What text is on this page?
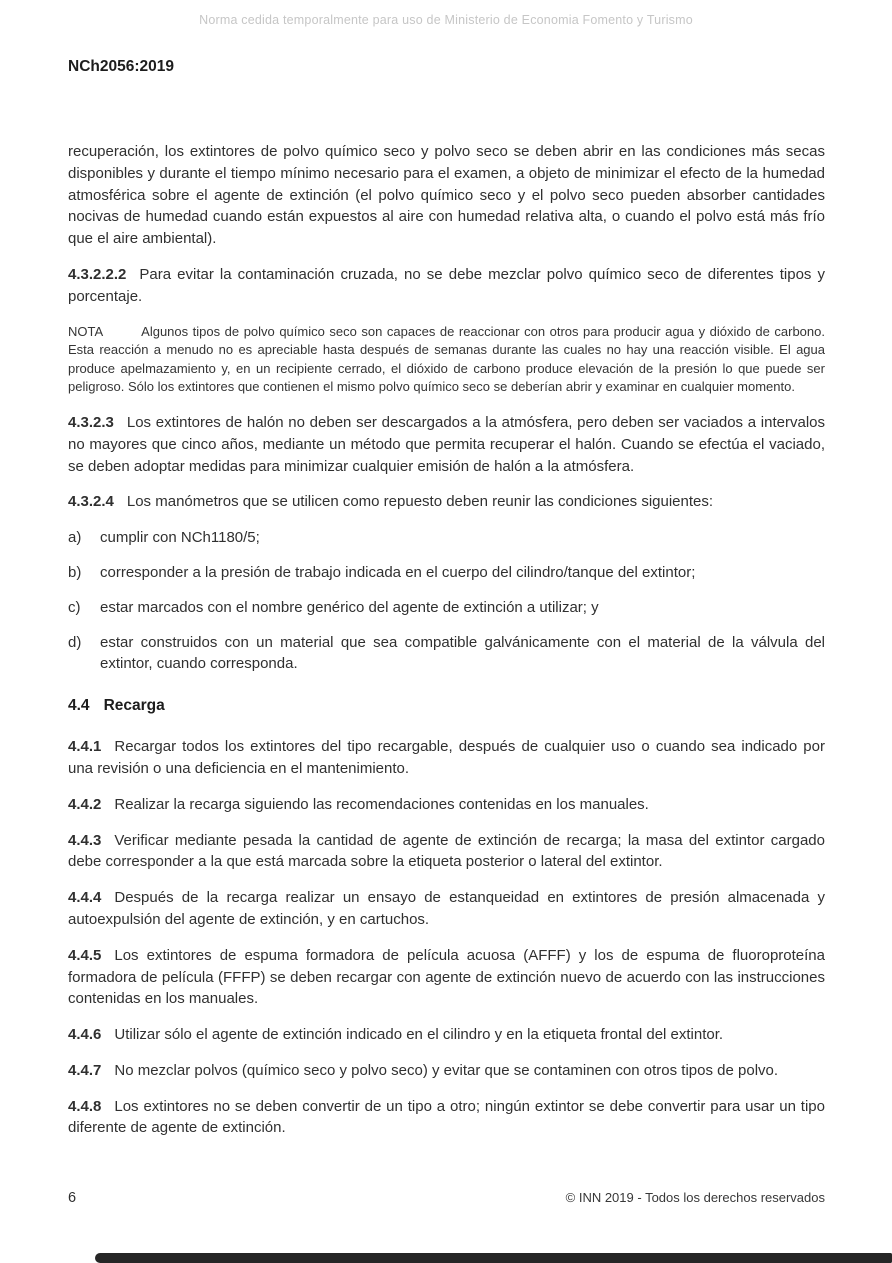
Norma cedida temporalmente para uso de Ministerio de Economia Fomento y Turismo
NCh2056:2019

recuperación, los extintores de polvo químico seco y polvo seco se deben abrir en las condiciones más secas disponibles y durante el tiempo mínimo necesario para el examen, a objeto de minimizar el efecto de la humedad atmosférica sobre el agente de extinción (el polvo químico seco y el polvo seco pueden absorber cantidades nocivas de humedad cuando están expuestos al aire con humedad relativa alta, o cuando el polvo está más frío que el aire ambiental).

4.3.2.2.2 Para evitar la contaminación cruzada, no se debe mezclar polvo químico seco de diferentes tipos y porcentaje.

NOTA	Algunos tipos de polvo químico seco son capaces de reaccionar con otros para producir agua y dióxido de carbono. Esta reacción a menudo no es apreciable hasta después de semanas durante las cuales no hay una reacción visible. El agua produce apelmazamiento y, en un recipiente cerrado, el dióxido de carbono produce elevación de la presión lo que puede ser peligroso. Sólo los extintores que contienen el mismo polvo químico seco se deberían abrir y examinar en cualquier momento.

4.3.2.3 Los extintores de halón no deben ser descargados a la atmósfera, pero deben ser vaciados a intervalos no mayores que cinco años, mediante un método que permita recuperar el halón. Cuando se efectúa el vaciado, se deben adoptar medidas para minimizar cualquier emisión de halón a la atmósfera.

4.3.2.4 Los manómetros que se utilicen como repuesto deben reunir las condiciones siguientes:

a)	cumplir con NCh1180/5;
b)	corresponder a la presión de trabajo indicada en el cuerpo del cilindro/tanque del extintor;
c)	estar marcados con el nombre genérico del agente de extinción a utilizar; y
d)	estar construidos con un material que sea compatible galvánicamente con el material de la válvula del extintor, cuando corresponda.
4.4 Recarga

4.4.1 Recargar todos los extintores del tipo recargable, después de cualquier uso o cuando sea indicado por una revisión o una deficiencia en el mantenimiento.

4.4.2 Realizar la recarga siguiendo las recomendaciones contenidas en los manuales.

4.4.3 Verificar mediante pesada la cantidad de agente de extinción de recarga; la masa del extintor cargado debe corresponder a la que está marcada sobre la etiqueta posterior o lateral del extintor.

4.4.4 Después de la recarga realizar un ensayo de estanqueidad en extintores de presión almacenada y autoexpulsión del agente de extinción, y en cartuchos.

4.4.5 Los extintores de espuma formadora de película acuosa (AFFF) y los de espuma de fluoroproteína formadora de película (FFFP) se deben recargar con agente de extinción nuevo de acuerdo con las instrucciones contenidas en los manuales.

4.4.6 Utilizar sólo el agente de extinción indicado en el cilindro y en la etiqueta frontal del extintor.

4.4.7 No mezclar polvos (químico seco y polvo seco) y evitar que se contaminen con otros tipos de polvo.

4.4.8 Los extintores no se deben convertir de un tipo a otro; ningún extintor se debe convertir para usar un tipo diferente de agente de extinción.

6	© INN 2019 - Todos los derechos reservados
